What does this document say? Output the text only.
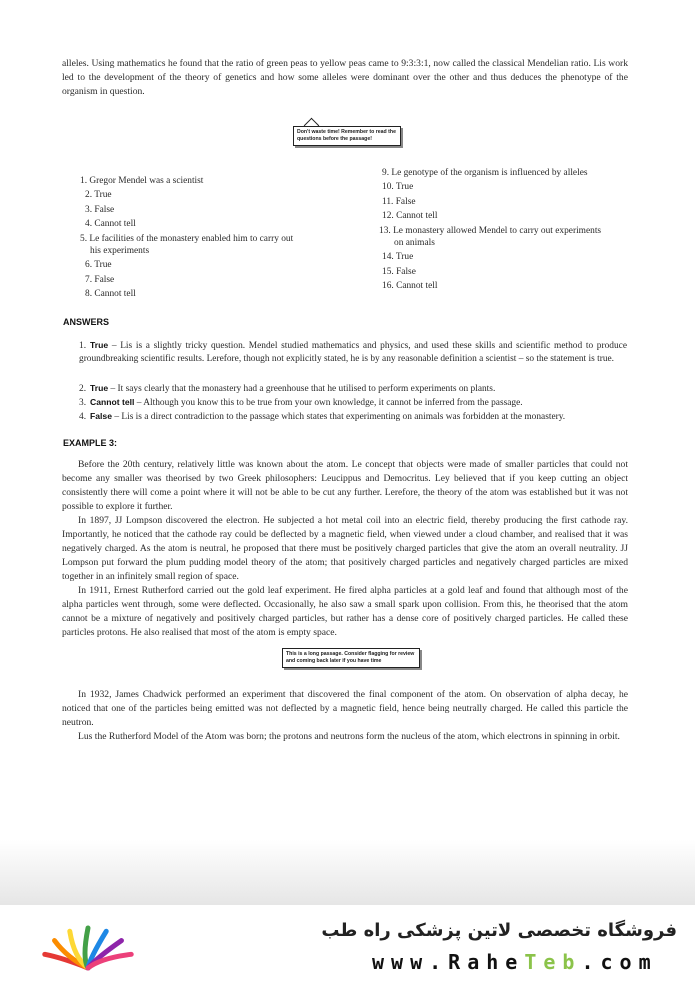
alleles. Using mathematics he found that the ratio of green peas to yellow peas came to 9:3:3:1, now called the classical Mendelian ratio. Lis work led to the development of the theory of genetics and how some alleles were dominant over the other and thus deduces the phenotype of the organism in question.
Don't waste time! Remember to read the questions before the passage!
1. Gregor Mendel was a scientist
2. True
3. False
4. Cannot tell
5. Le facilities of the monastery enabled him to carry out
his experiments
6. True
7. False
8. Cannot tell
9. Le genotype of the organism is influenced by alleles
10. True
11. False
12. Cannot tell
13. Le monastery allowed Mendel to carry out experiments
on animals
14. True
15. False
16. Cannot tell
ANSWERS
1. True – Lis is a slightly tricky question. Mendel studied mathematics and physics, and used these skills and scientific method to produce groundbreaking scientific results. Lerefore, though not explicitly stated, he is by any reasonable definition a scientist – so the statement is true.
2. True – It says clearly that the monastery had a greenhouse that he utilised to perform experiments on plants.
3. Cannot tell – Although you know this to be true from your own knowledge, it cannot be inferred from the passage.
4. False – Lis is a direct contradiction to the passage which states that experimenting on animals was forbidden at the monastery.
EXAMPLE 3:
Before the 20th century, relatively little was known about the atom. Le concept that objects were made of smaller particles that could not become any smaller was theorised by two Greek philosophers: Leucippus and Democritus. Ley believed that if you keep cutting an object consistently there will come a point where it will not be able to be cut any further. Lerefore, the theory of the atom was established but it was not possible to explore it further.
In 1897, JJ Lompson discovered the electron. He subjected a hot metal coil into an electric field, thereby producing the first cathode ray. Importantly, he noticed that the cathode ray could be deflected by a magnetic field, when viewed under a cloud chamber, and realised that it was negatively charged. As the atom is neutral, he proposed that there must be positively charged particles that give the atom an overall neutrality. JJ Lompson put forward the plum pudding model theory of the atom; that positively charged particles and negatively charged particles are mixed together in an infinitely small region of space.
In 1911, Ernest Rutherford carried out the gold leaf experiment. He fired alpha particles at a gold leaf and found that although most of the alpha particles went through, some were deflected. Occasionally, he also saw a small spark upon collision. From this, he theorised that the atom cannot be a mixture of negatively and positively charged particles, but rather has a dense core of positively charged particles. He called these particles protons. He also realised that most of the atom is empty space.
This is a long passage. Consider flagging for review and coming back later if you have time
In 1932, James Chadwick performed an experiment that discovered the final component of the atom. On observation of alpha decay, he noticed that one of the particles being emitted was not deflected by a magnetic field, hence being neutrally charged. He called this particle the neutron.
Lus the Rutherford Model of the Atom was born; the protons and neutrons form the nucleus of the atom, which electrons in spinning in orbit.
فروشگاه تخصصی لاتین پزشکی راه طب
www.RaheTeb.com
